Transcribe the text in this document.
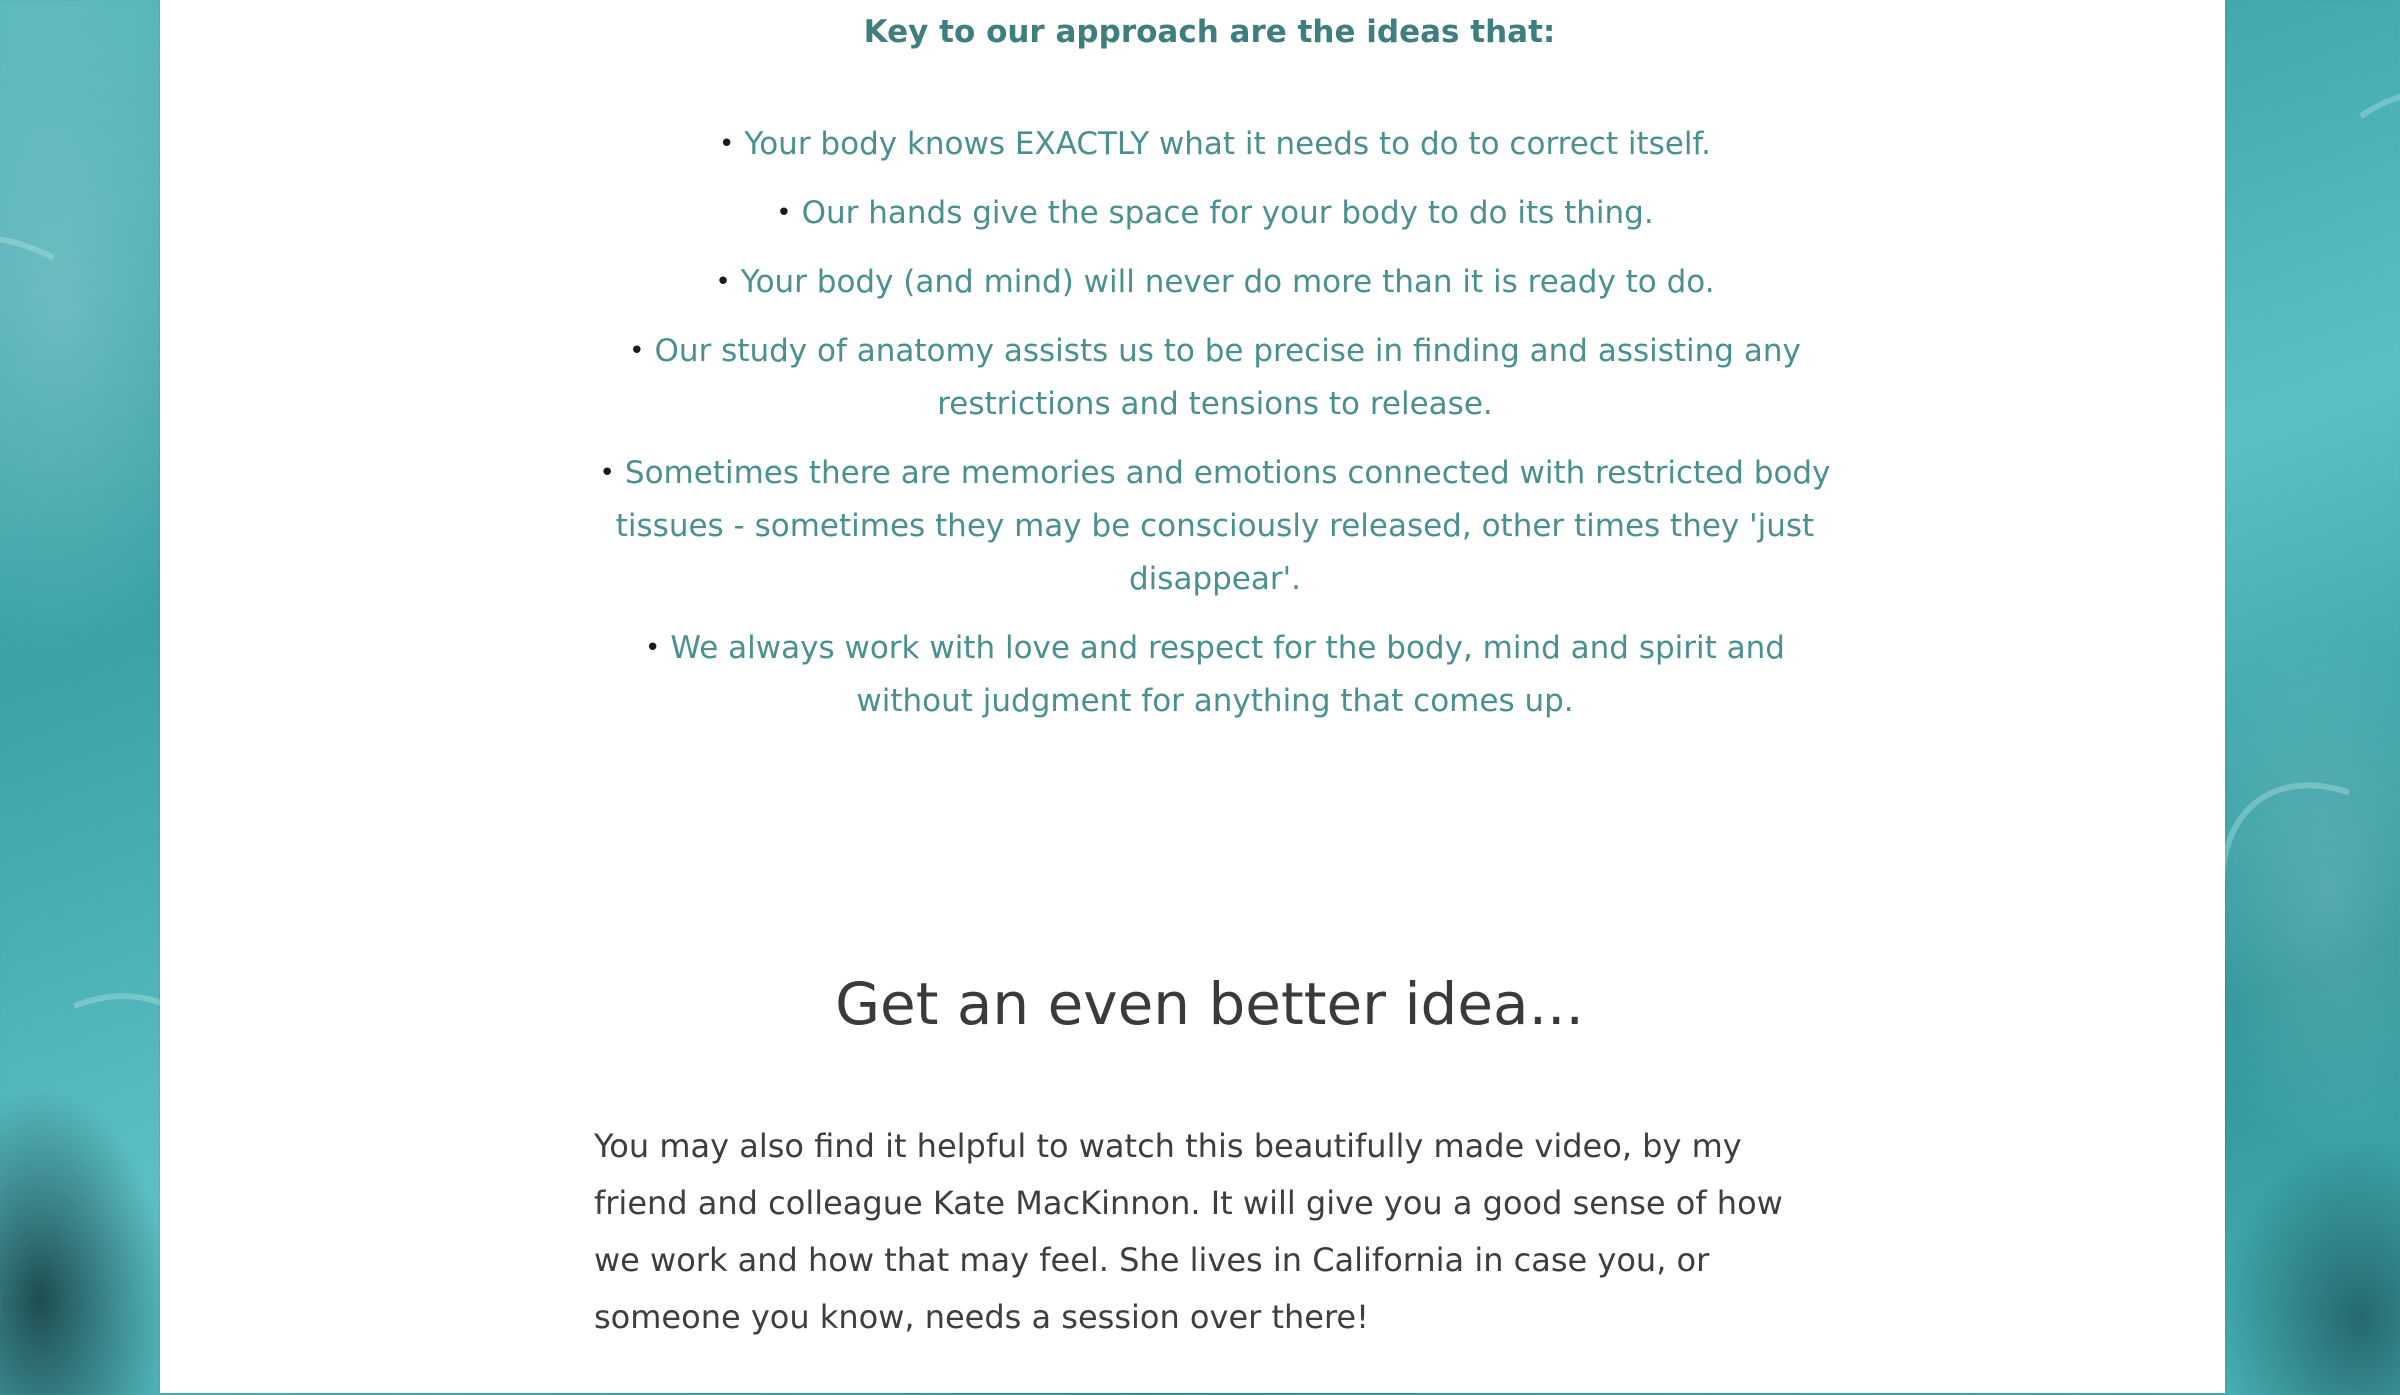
Key to our approach are the ideas that:
• Your body knows EXACTLY what it needs to do to correct itself.
• Our hands give the space for your body to do its thing.
• Your body (and mind) will never do more than it is ready to do.
• Our study of anatomy assists us to be precise in finding and assisting any restrictions and tensions to release.
• Sometimes there are memories and emotions connected with restricted body tissues - sometimes they may be consciously released, other times they 'just disappear'.
• We always work with love and respect for the body, mind and spirit and without judgment for anything that comes up.
Get an even better idea...

You may also find it helpful to watch this beautifully made video, by my friend and colleague Kate MacKinnon. It will give you a good sense of how we work and how that may feel. She lives in California in case you, or someone you know, needs a session over there!
